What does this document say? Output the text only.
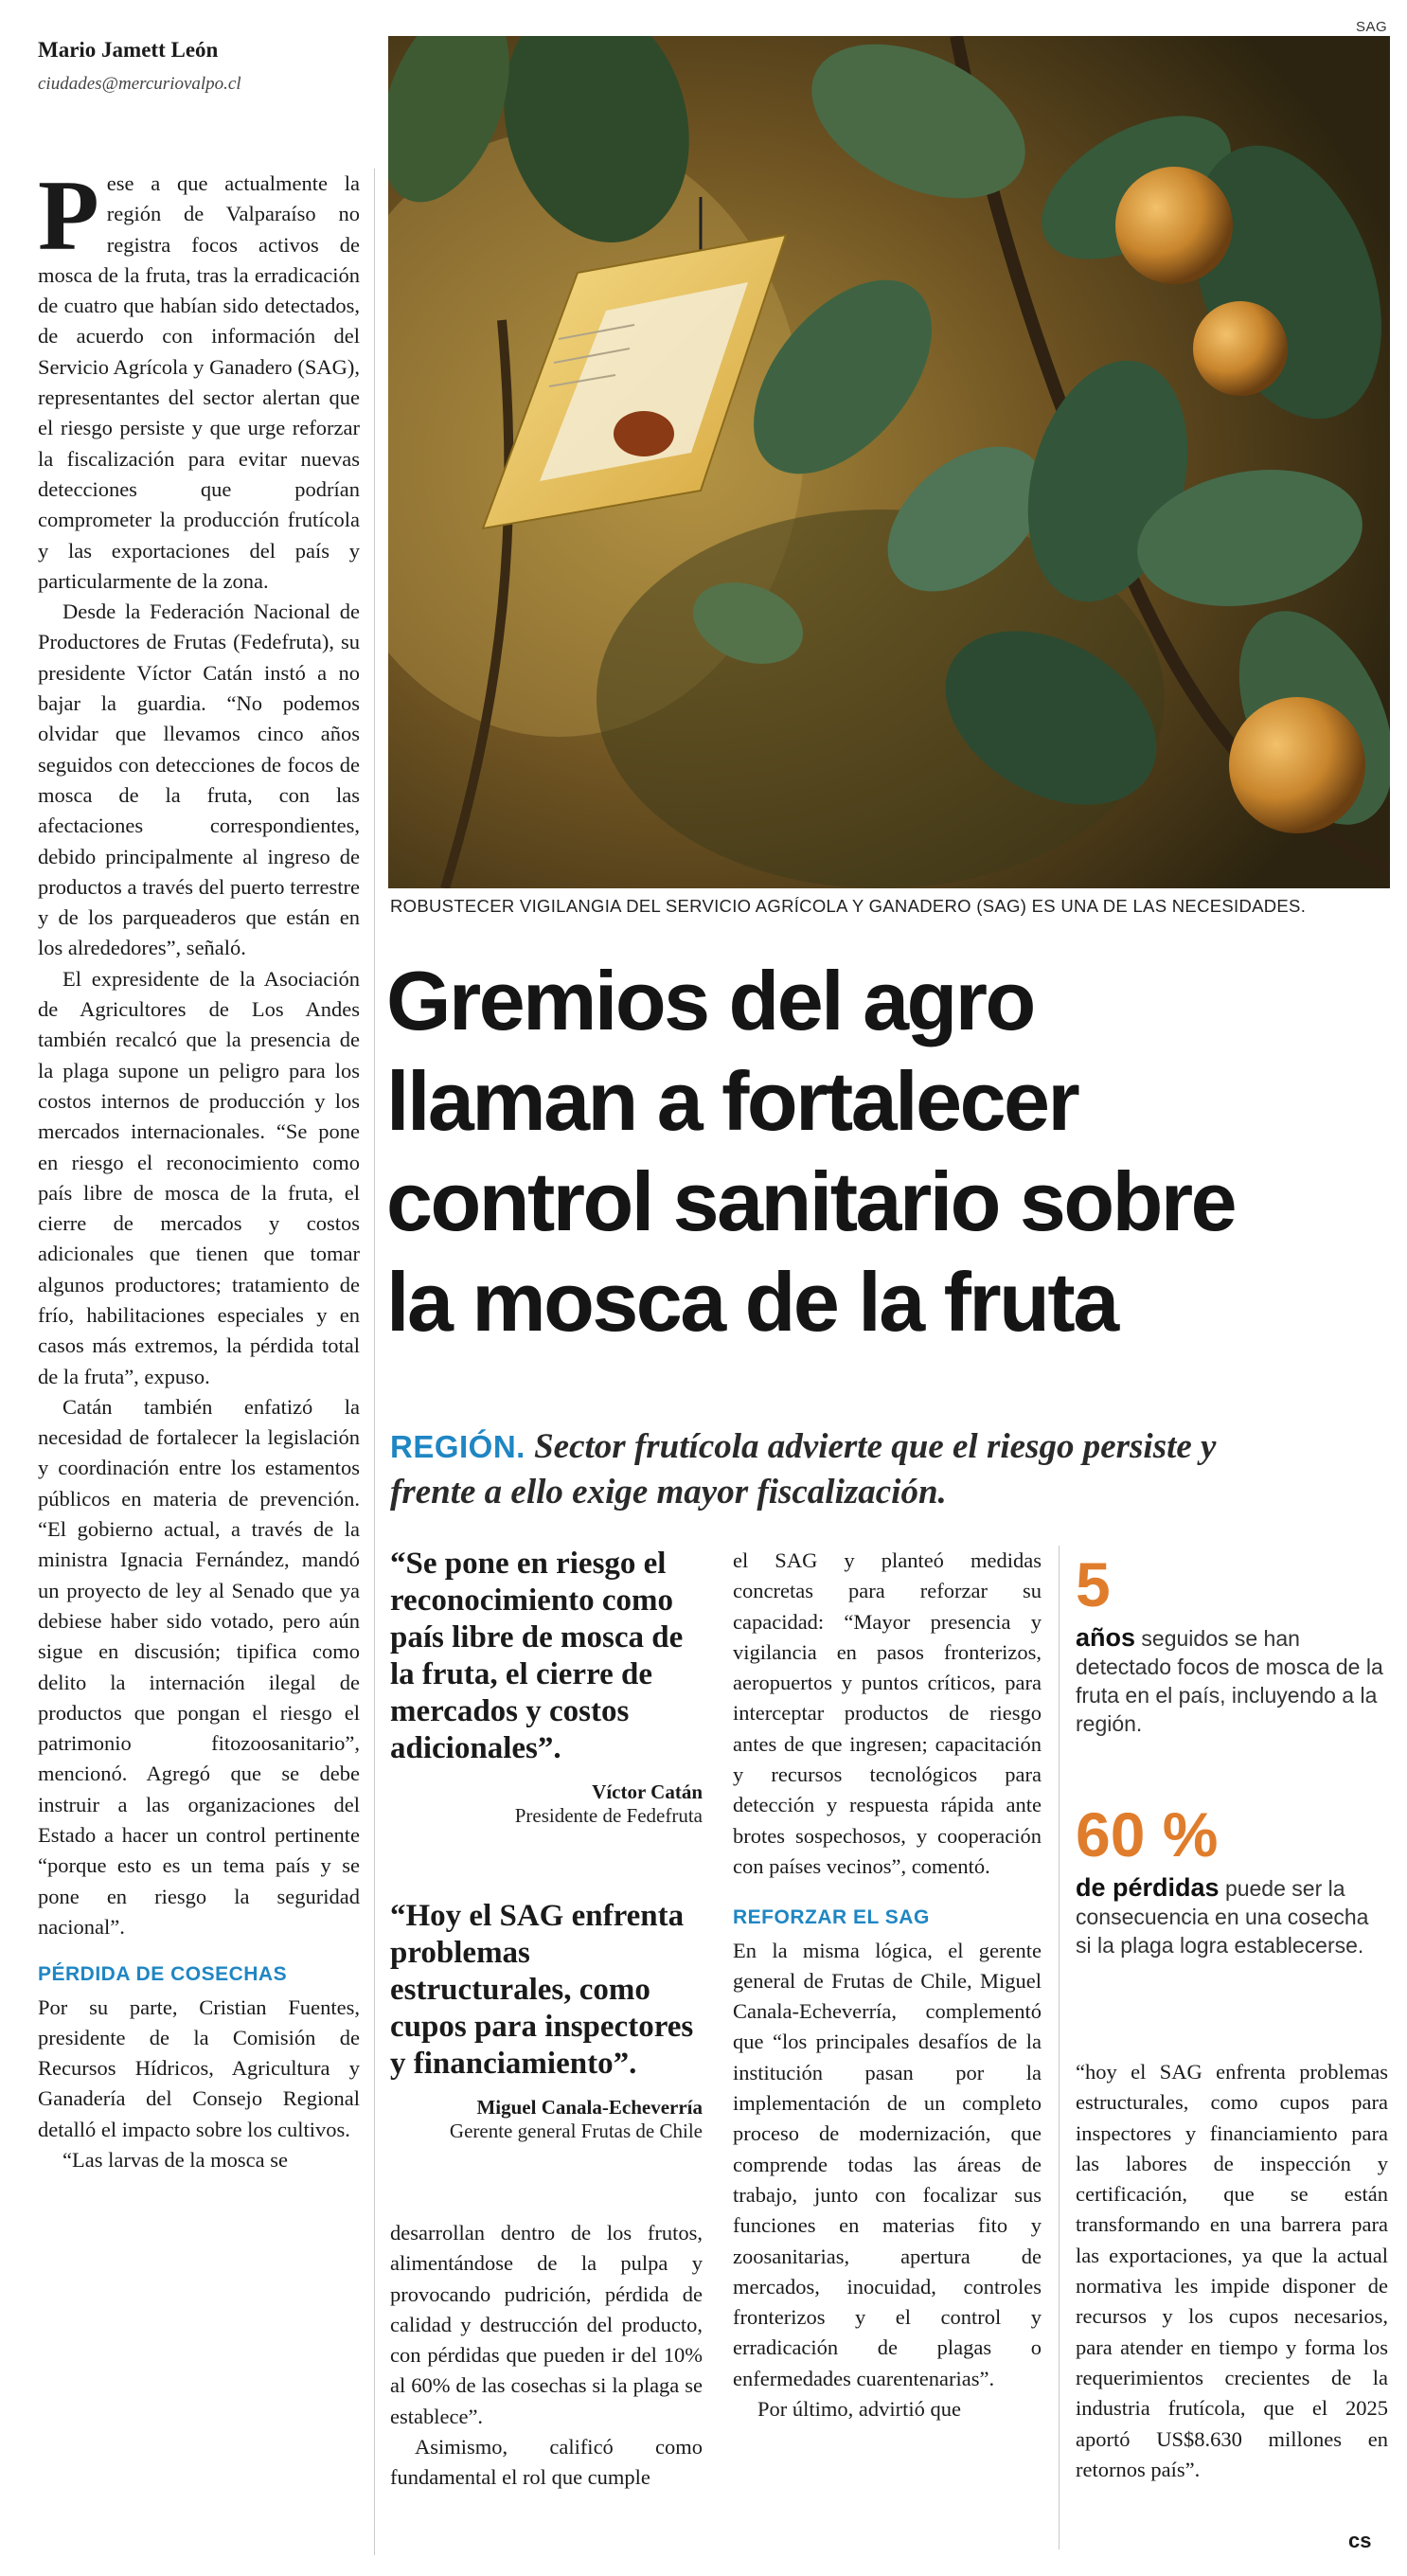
Mario Jamett León
ciudades@mercuriovalpo.cl
SAG
ROBUSTECER VIGILANGIA DEL SERVICIO AGRÍCOLA Y GANADERO (SAG) ES UNA DE LAS NECESIDADES.
Gremios del agro
llaman a fortalecer
control sanitario sobre
la mosca de la fruta
REGIÓN. Sector frutícola advierte que el riesgo persiste y
frente a ello exige mayor fiscalización.

Pese a que actualmente la región de Valparaíso no registra focos activos de mosca de la fruta, tras la erradicación de cuatro que habían sido detectados, de acuerdo con información del Servicio Agrícola y Ganadero (SAG), representantes del sector alertan que el riesgo persiste y que urge reforzar la fiscalización para evitar nuevas detecciones que podrían comprometer la producción frutícola y las exportaciones del país y particularmente de la zona.

Desde la Federación Nacional de Productores de Frutas (Fedefruta), su presidente Víctor Catán instó a no bajar la guardia. “No podemos olvidar que llevamos cinco años seguidos con detecciones de focos de mosca de la fruta, con las afectaciones correspondientes, debido principalmente al ingreso de productos a través del puerto terrestre y de los parqueaderos que están en los alrededores”, señaló.

El expresidente de la Asociación de Agricultores de Los Andes también recalcó que la presencia de la plaga supone un peligro para los costos internos de producción y los mercados internacionales. “Se pone en riesgo el reconocimiento como país libre de mosca de la fruta, el cierre de mercados y costos adicionales que tienen que tomar algunos productores; tratamiento de frío, habilitaciones especiales y en casos más extremos, la pérdida total de la fruta”, expuso.

Catán también enfatizó la necesidad de fortalecer la legislación y coordinación entre los estamentos públicos en materia de prevención. “El gobierno actual, a través de la ministra Ignacia Fernández, mandó un proyecto de ley al Senado que ya debiese haber sido votado, pero aún sigue en discusión; tipifica como delito la internación ilegal de productos que pongan el riesgo el patrimonio fitozoosanitario”, mencionó. Agregó que se debe instruir a las organizaciones del Estado a hacer un control pertinente “porque esto es un tema país y se pone en riesgo la seguridad nacional”.

PÉRDIDA DE COSECHAS

Por su parte, Cristian Fuentes, presidente de la Comisión de Recursos Hídricos, Agricultura y Ganadería del Consejo Regional detalló el impacto sobre los cultivos.

“Las larvas de la mosca se

“Se pone en riesgo el reconocimiento como país libre de mosca de la fruta, el cierre de mercados y costos adicionales”.
Víctor Catán
Presidente de Fedefruta
“Hoy el SAG enfrenta problemas estructurales, como cupos para inspectores y financiamiento”.
Miguel Canala-Echeverría
Gerente general Frutas de Chile

desarrollan dentro de los frutos, alimentándose de la pulpa y provocando pudrición, pérdida de calidad y destrucción del producto, con pérdidas que pueden ir del 10% al 60% de las cosechas si la plaga se establece”.

Asimismo, calificó como fundamental el rol que cumple

el SAG y planteó medidas concretas para reforzar su capacidad: “Mayor presencia y vigilancia en pasos fronterizos, aeropuertos y puntos críticos, para interceptar productos de riesgo antes de que ingresen; capacitación y recursos tecnológicos para detección y respuesta rápida ante brotes sospechosos, y cooperación con países vecinos”, comentó.

REFORZAR EL SAG

En la misma lógica, el gerente general de Frutas de Chile, Miguel Canala-Echeverría, complementó que “los principales desafíos de la institución pasan por la implementación de un completo proceso de modernización, que comprende todas las áreas de trabajo, junto con focalizar sus funciones en materias fito y zoosanitarias, apertura de mercados, inocuidad, controles fronterizos y el control y erradicación de plagas o enfermedades cuarentenarias”.

Por último, advirtió que

5
años seguidos se han detectado focos de mosca de la fruta en el país, incluyendo a la región.
60 %
de pérdidas puede ser la consecuencia en una cosecha si la plaga logra establecerse.

“hoy el SAG enfrenta problemas estructurales, como cupos para inspectores y financiamiento para las labores de inspección y certificación, que se están transformando en una barrera para las exportaciones, ya que la actual normativa les impide disponer de recursos y los cupos necesarios, para atender en tiempo y forma los requerimientos crecientes de la industria frutícola, que el 2025 aportó US$8.630 millones en retornos país”.

cs
